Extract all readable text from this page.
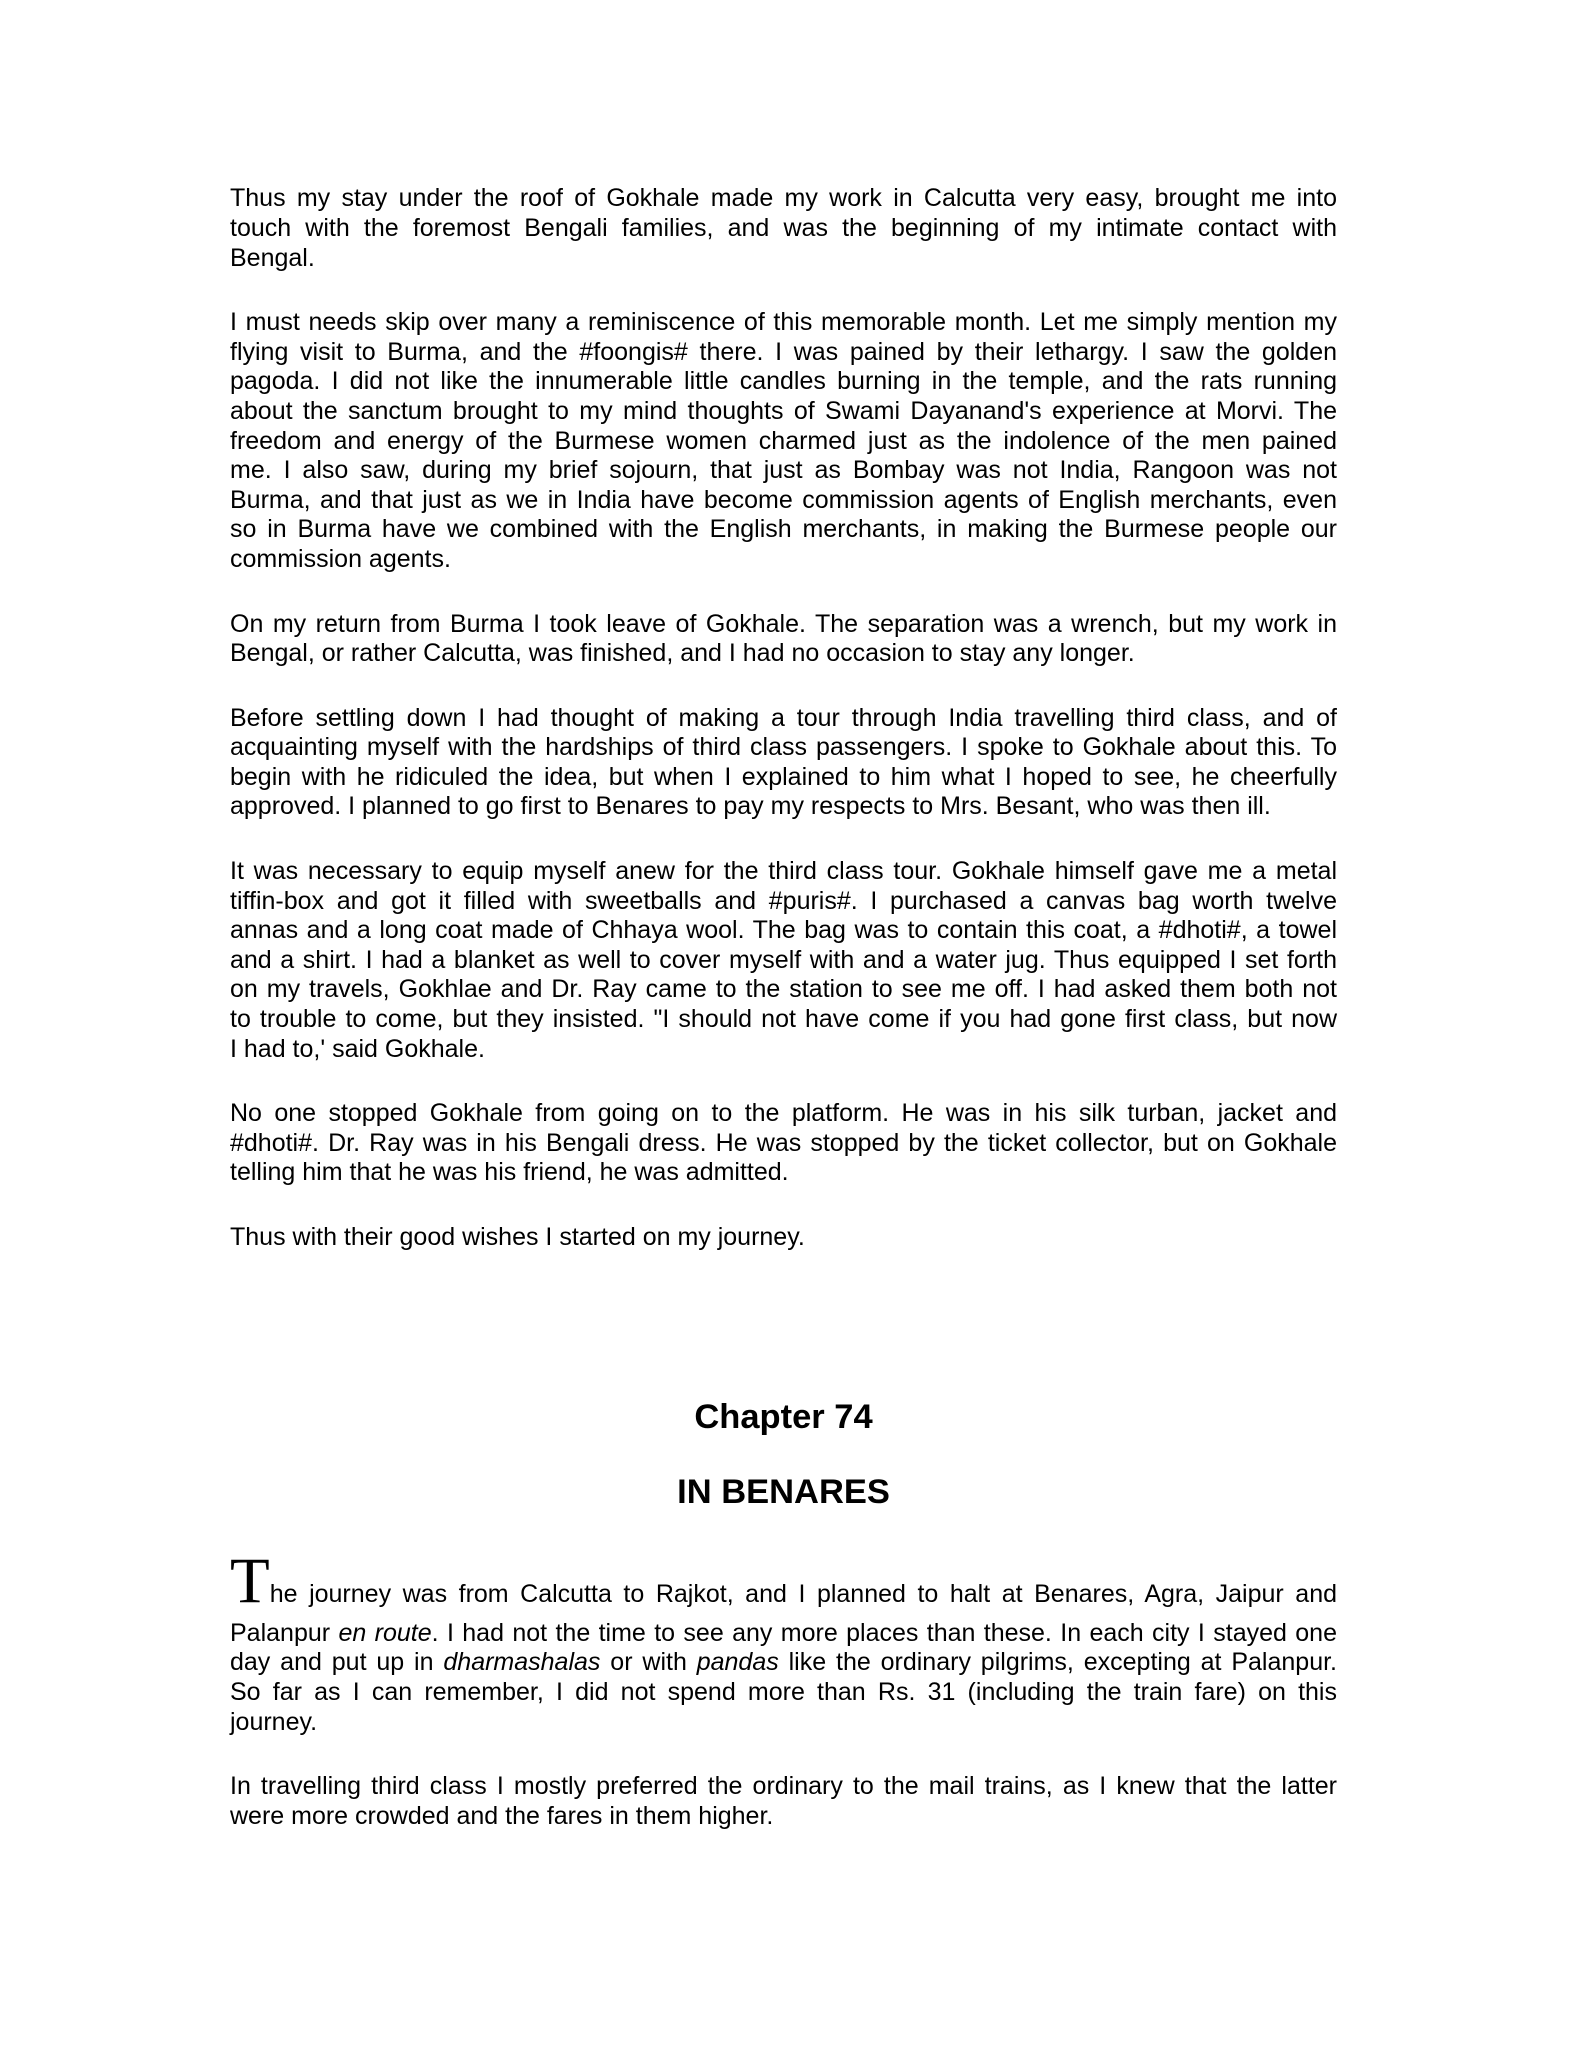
Thus my stay under the roof of Gokhale made my work in Calcutta very easy, brought me into
touch with the foremost Bengali families, and was the beginning of my intimate contact with
Bengal.
I must needs skip over many a reminiscence of this memorable month. Let me simply mention my
flying visit to Burma, and the #foongis# there. I was pained by their lethargy. I saw the golden
pagoda. I did not like the innumerable little candles burning in the temple, and the rats running
about the sanctum brought to my mind thoughts of Swami Dayanand's experience at Morvi. The
freedom and energy of the Burmese women charmed just as the indolence of the men pained
me. I also saw, during my brief sojourn, that just as Bombay was not India, Rangoon was not
Burma, and that just as we in India have become commission agents of English merchants, even
so in Burma have we combined with the English merchants, in making the Burmese people our
commission agents.
On my return from Burma I took leave of Gokhale. The separation was a wrench, but my work in
Bengal, or rather Calcutta, was finished, and I had no occasion to stay any longer.
Before settling down I had thought of making a tour through India travelling third class, and of
acquainting myself with the hardships of third class passengers. I spoke to Gokhale about this. To
begin with he ridiculed the idea, but when I explained to him what I hoped to see, he cheerfully
approved. I planned to go first to Benares to pay my respects to Mrs. Besant, who was then ill.
It was necessary to equip myself anew for the third class tour. Gokhale himself gave me a metal
tiffin-box and got it filled with sweetballs and #puris#. I purchased a canvas bag worth twelve
annas and a long coat made of Chhaya wool. The bag was to contain this coat, a #dhoti#, a towel
and a shirt. I had a blanket as well to cover myself with and a water jug. Thus equipped I set forth
on my travels, Gokhlae and Dr. Ray came to the station to see me off. I had asked them both not
to trouble to come, but they insisted. "I should not have come if you had gone first class, but now
I had to,' said Gokhale.
No one stopped Gokhale from going on to the platform. He was in his silk turban, jacket and
#dhoti#. Dr. Ray was in his Bengali dress. He was stopped by the ticket collector, but on Gokhale
telling him that he was his friend, he was admitted.
Thus with their good wishes I started on my journey.
Chapter 74
IN BENARES
The journey was from Calcutta to Rajkot, and I planned to halt at Benares, Agra, Jaipur and
Palanpur en route. I had not the time to see any more places than these. In each city I stayed one
day and put up in dharmashalas or with pandas like the ordinary pilgrims, excepting at Palanpur.
So far as I can remember, I did not spend more than Rs. 31 (including the train fare) on this
journey.
In travelling third class I mostly preferred the ordinary to the mail trains, as I knew that the latter
were more crowded and the fares in them higher.
